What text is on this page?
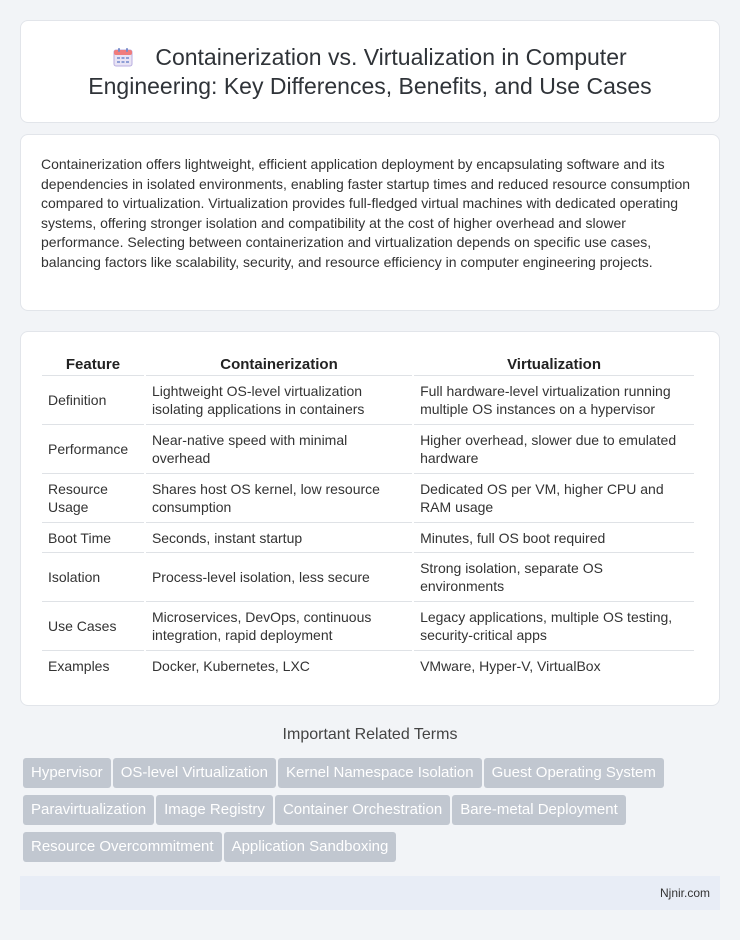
Containerization vs. Virtualization in Computer Engineering: Key Differences, Benefits, and Use Cases

Containerization offers lightweight, efficient application deployment by encapsulating software and its dependencies in isolated environments, enabling faster startup times and reduced resource consumption compared to virtualization. Virtualization provides full-fledged virtual machines with dedicated operating systems, offering stronger isolation and compatibility at the cost of higher overhead and slower performance. Selecting between containerization and virtualization depends on specific use cases, balancing factors like scalability, security, and resource efficiency in computer engineering projects.

Feature	Containerization	Virtualization
Definition	Lightweight OS-level virtualization isolating applications in containers	Full hardware-level virtualization running multiple OS instances on a hypervisor
Performance	Near-native speed with minimal overhead	Higher overhead, slower due to emulated hardware
Resource Usage	Shares host OS kernel, low resource consumption	Dedicated OS per VM, higher CPU and RAM usage
Boot Time	Seconds, instant startup	Minutes, full OS boot required
Isolation	Process-level isolation, less secure	Strong isolation, separate OS environments
Use Cases	Microservices, DevOps, continuous integration, rapid deployment	Legacy applications, multiple OS testing, security-critical apps
Examples	Docker, Kubernetes, LXC	VMware, Hyper-V, VirtualBox
Important Related Terms
Hypervisor OS-level Virtualization Kernel Namespace Isolation Guest Operating System
Paravirtualization Image Registry Container Orchestration Bare-metal Deployment
Resource Overcommitment Application Sandboxing
Njnir.com
